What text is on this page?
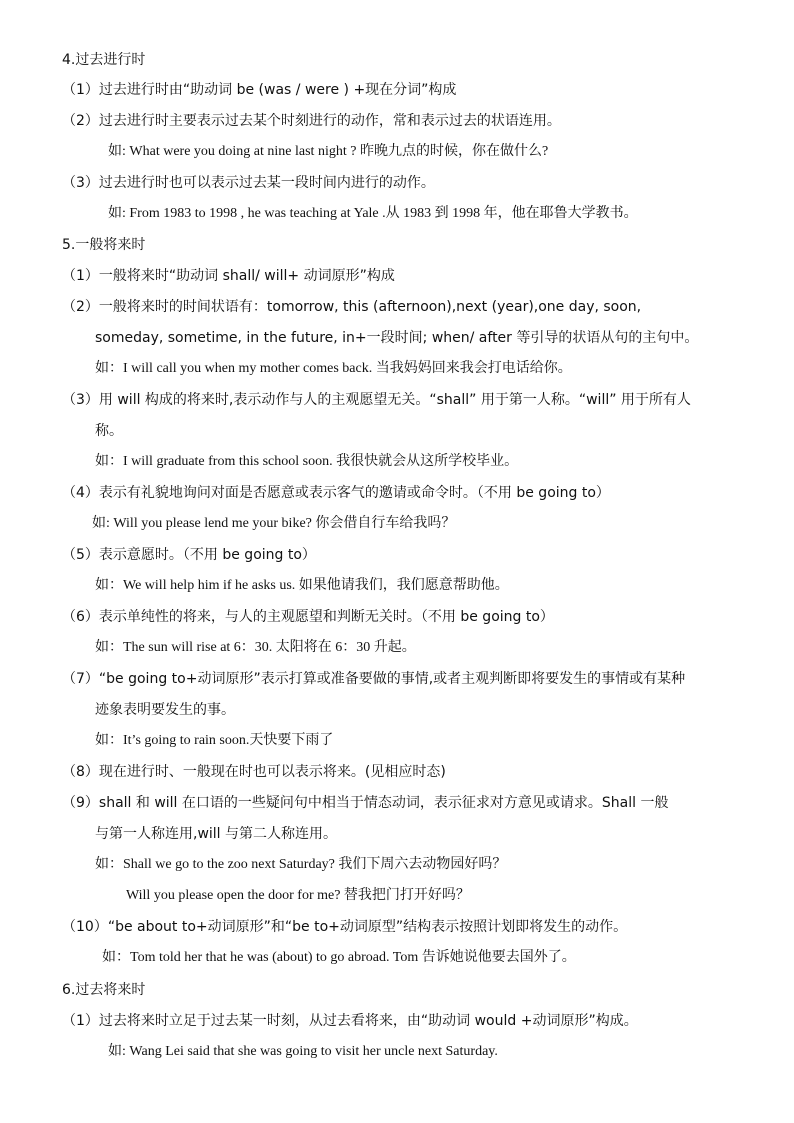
4.过去进行时
（1）过去进行时由“助动词 be (was / were ) +现在分词”构成
（2）过去进行时主要表示过去某个时刻进行的动作，常和表示过去的状语连用。
如: What were you doing at nine last night ? 昨晚九点的时候，你在做什么?
（3）过去进行时也可以表示过去某一段时间内进行的动作。
如: From 1983 to 1998 , he was teaching at Yale .从 1983 到 1998 年，他在耶鲁大学教书。
5.一般将来时
（1）一般将来时“助动词 shall/ will+ 动词原形”构成
（2）一般将来时的时间状语有：tomorrow, this (afternoon),next (year),one day, soon,
someday, sometime, in the future, in+一段时间; when/ after 等引导的状语从句的主句中。
如：I will call you when my mother comes back. 当我妈妈回来我会打电话给你。
（3）用 will 构成的将来时,表示动作与人的主观愿望无关。“shall” 用于第一人称。“will” 用于所有人
称。
如：I will graduate from this school soon. 我很快就会从这所学校毕业。
（4）表示有礼貌地询问对面是否愿意或表示客气的邀请或命令时。（不用 be going to）
如: Will you please lend me your bike? 你会借自行车给我吗？
（5）表示意愿时。（不用 be going to）
如：We will help him if he asks us. 如果他请我们，我们愿意帮助他。
（6）表示单纯性的将来，与人的主观愿望和判断无关时。（不用 be going to）
如：The sun will rise at 6：30. 太阳将在 6：30 升起。
（7）“be going to+动词原形”表示打算或准备要做的事情,或者主观判断即将要发生的事情或有某种
迹象表明要发生的事。
如：It’s going to rain soon.天快要下雨了
（8）现在进行时、一般现在时也可以表示将来。(见相应时态)
（9）shall 和 will 在口语的一些疑问句中相当于情态动词，表示征求对方意见或请求。Shall 一般
与第一人称连用,will 与第二人称连用。
如：Shall we go to the zoo next Saturday? 我们下周六去动物园好吗？
Will you please open the door for me? 替我把门打开好吗？
（10）“be about to+动词原形”和“be to+动词原型”结构表示按照计划即将发生的动作。
如：Tom told her that he was (about) to go abroad. Tom 告诉她说他要去国外了。
6.过去将来时
（1）过去将来时立足于过去某一时刻，从过去看将来，由“助动词 would +动词原形”构成。
如: Wang Lei said that she was going to visit her uncle next Saturday.
